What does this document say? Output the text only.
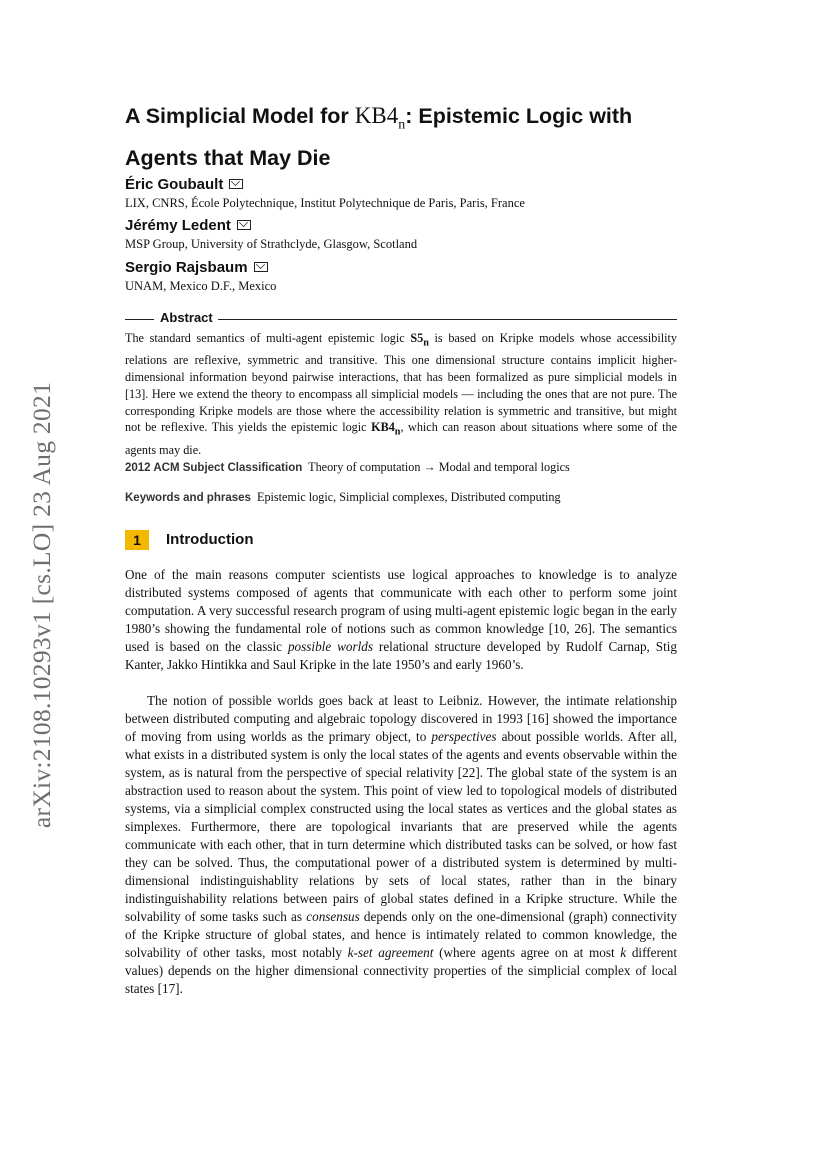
arXiv:2108.10293v1 [cs.LO] 23 Aug 2021
A Simplicial Model for $KB4_n$: Epistemic Logic with Agents that May Die
Éric Goubault
LIX, CNRS, École Polytechnique, Institut Polytechnique de Paris, Paris, France
Jérémy Ledent
MSP Group, University of Strathclyde, Glasgow, Scotland
Sergio Rajsbaum
UNAM, Mexico D.F., Mexico
Abstract

The standard semantics of multi-agent epistemic logic $S5_n$ is based on Kripke models whose accessibility relations are reflexive, symmetric and transitive. This one dimensional structure contains implicit higher-dimensional information beyond pairwise interactions, that has been formalized as pure simplicial models in [13]. Here we extend the theory to encompass all simplicial models — including the ones that are not pure. The corresponding Kripke models are those where the accessibility relation is symmetric and transitive, but might not be reflexive. This yields the epistemic logic $KB4_n$, which can reason about situations where some of the agents may die.

2012 ACM Subject Classification Theory of computation → Modal and temporal logics
Keywords and phrases Epistemic logic, Simplicial complexes, Distributed computing
1	Introduction

One of the main reasons computer scientists use logical approaches to knowledge is to analyze distributed systems composed of agents that communicate with each other to perform some joint computation. A very successful research program of using multi-agent epistemic logic began in the early 1980’s showing the fundamental role of notions such as common knowledge [10, 26]. The semantics used is based on the classic possible worlds relational structure developed by Rudolf Carnap, Stig Kanter, Jakko Hintikka and Saul Kripke in the late 1950’s and early 1960’s.

The notion of possible worlds goes back at least to Leibniz. However, the intimate relationship between distributed computing and algebraic topology discovered in 1993 [16] showed the importance of moving from using worlds as the primary object, to perspectives about possible worlds. After all, what exists in a distributed system is only the local states of the agents and events observable within the system, as is natural from the perspective of special relativity [22]. The global state of the system is an abstraction used to reason about the system. This point of view led to topological models of distributed systems, via a simplicial complex constructed using the local states as vertices and the global states as simplexes. Furthermore, there are topological invariants that are preserved while the agents communicate with each other, that in turn determine which distributed tasks can be solved, or how fast they can be solved. Thus, the computational power of a distributed system is determined by multi-dimensional indistinguishablity relations by sets of local states, rather than in the binary indistinguishability relations between pairs of global states defined in a Kripke structure. While the solvability of some tasks such as consensus depends only on the one-dimensional (graph) connectivity of the Kripke structure of global states, and hence is intimately related to common knowledge, the solvability of other tasks, most notably k-set agreement (where agents agree on at most k different values) depends on the higher dimensional connectivity properties of the simplicial complex of local states [17].
